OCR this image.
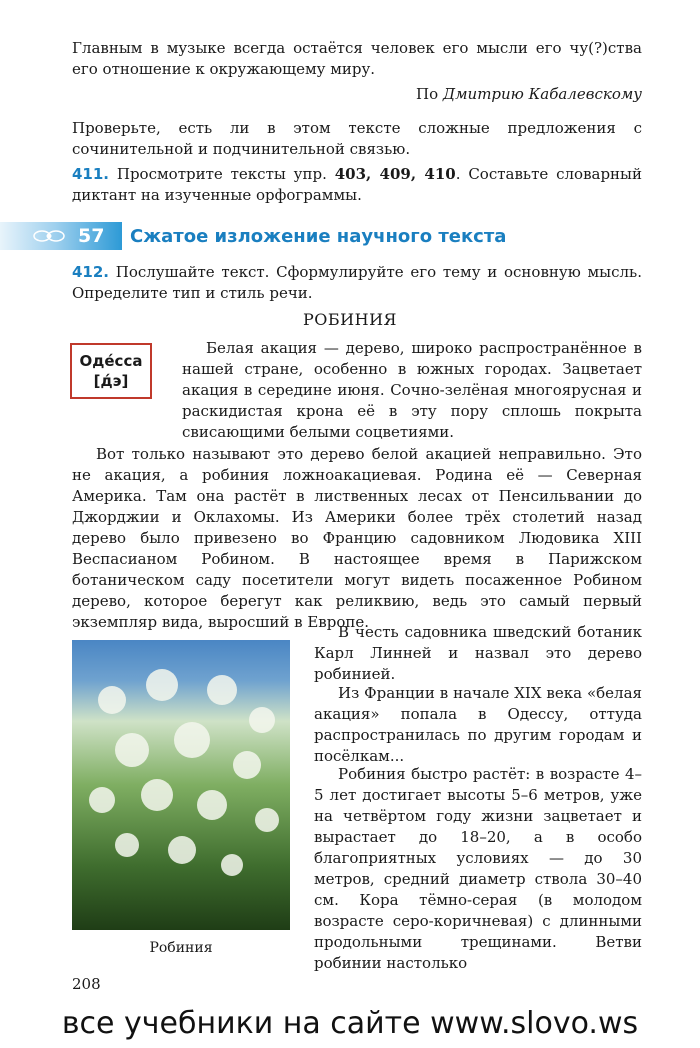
Главным в музыке всегда остаётся человек его мысли его чу(?)ства его отношение к окружающему миру.

По Дмитрию Кабалевскому

Проверьте, есть ли в этом тексте сложные предложения с сочинительной и подчинительной связью.

411. Просмотрите тексты упр. 403, 409, 410. Составьте словарный диктант на изученные орфограммы.

57 Сжатое изложение научного текста

412. Послушайте текст. Сформулируйте его тему и основную мысль. Определите тип и стиль речи.

РОБИНИЯ
Одéсса
[д́э]

Белая акация — дерево, широко распространённое в нашей стране, особенно в южных городах. Зацветает акация в середине июня. Сочно-зелёная многоярусная и раскидистая крона её в эту пору сплошь покрыта свисающими белыми соцветиями.

Вот только называют это дерево белой акацией неправильно. Это не акация, а робиния ложноакациевая. Родина её — Северная Америка. Там она растёт в лиственных лесах от Пенсильвании до Джорджии и Оклахомы. Из Америки более трёх столетий назад дерево было привезено во Францию садовником Людовика XIII Веспасианом Робином. В настоящее время в Парижском ботаническом саду посетители могут видеть посаженное Робином дерево, которое берегут как реликвию, ведь это самый первый экземпляр вида, выросший в Европе.

Робиния

В честь садовника шведский ботаник Карл Линней и назвал это дерево робинией.

Из Франции в начале XIX века «белая акация» попала в Одессу, оттуда распространилась по другим городам и посёлкам...

Робиния быстро растёт: в возрасте 4–5 лет достигает высоты 5–6 метров, уже на четвёртом году жизни зацветает и вырастает до 18–20, а в особо благоприятных условиях — до 30 метров, средний диаметр ствола 30–40 см. Кора тёмно-серая (в молодом возрасте серо-коричневая) с длинными продольными трещинами. Ветви робинии настолько

208
все учебники на сайте www.slovo.ws
